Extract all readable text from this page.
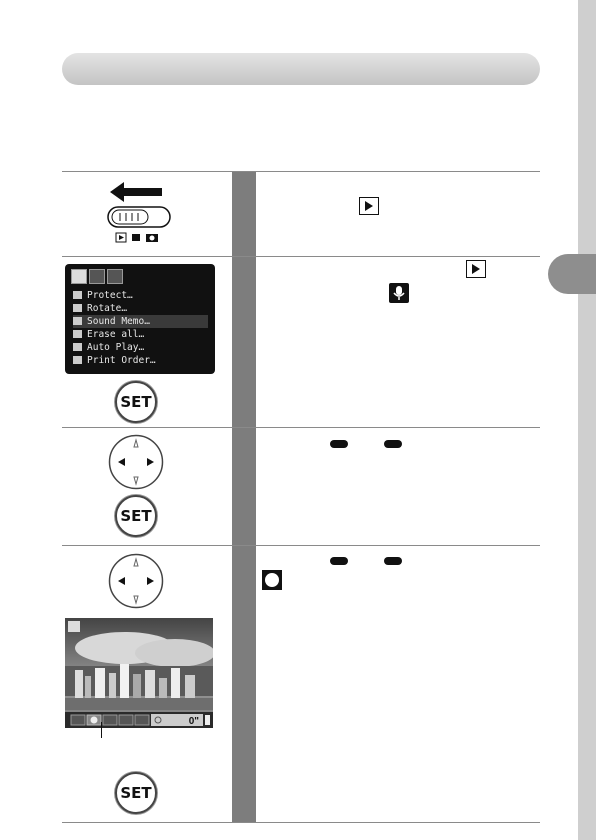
Protect…
Rotate…
Sound Memo…
Erase all…
Auto Play…
Print Order…
SET
SET
0"
SET
